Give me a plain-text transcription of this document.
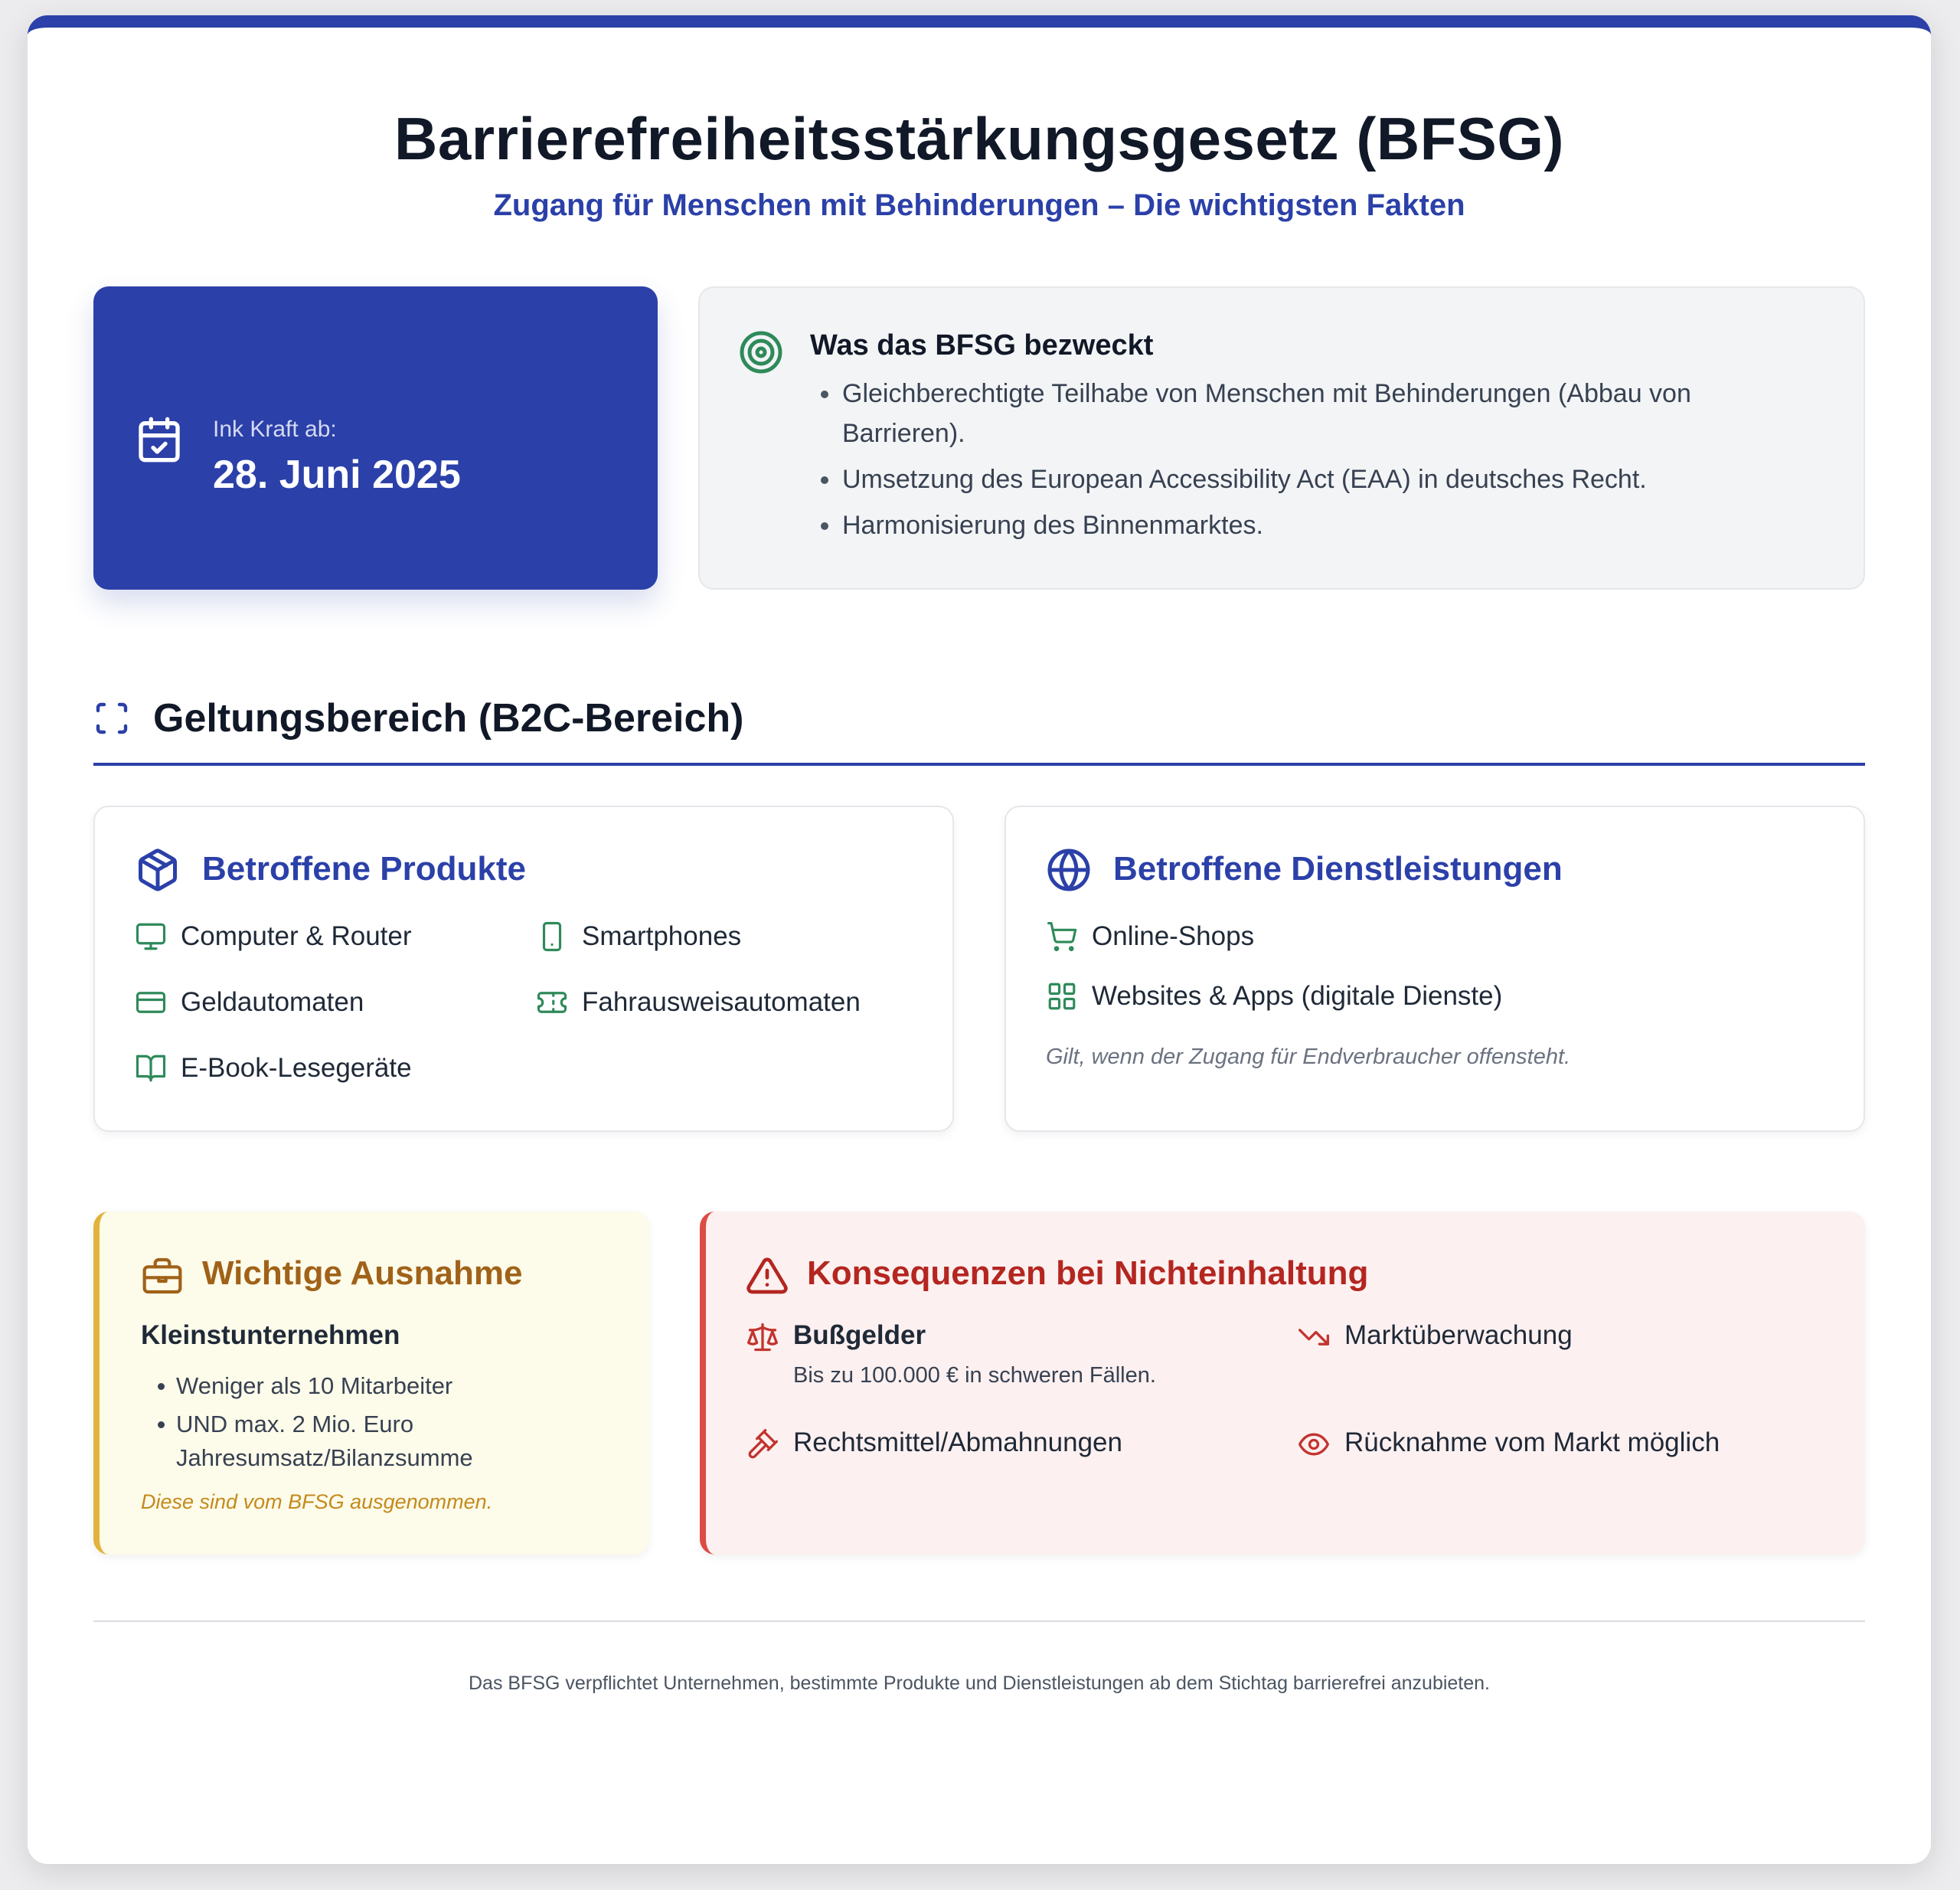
Barrierefreiheitsstärkungsgesetz (BFSG)
Zugang für Menschen mit Behinderungen – Die wichtigsten Fakten
Ink Kraft ab:
28. Juni 2025
Was das BFSG bezweckt
Gleichberechtigte Teilhabe von Menschen mit Behinderungen (Abbau von Barrieren).
Umsetzung des European Accessibility Act (EAA) in deutsches Recht.
Harmonisierung des Binnenmarktes.
Geltungsbereich (B2C-Bereich)
Betroffene Produkte
Computer & Router	Smartphones
Geldautomaten	Fahrausweisautomaten
E-Book-Lesegeräte
Betroffene Dienstleistungen
Online-Shops
Websites & Apps (digitale Dienste)
Gilt, wenn der Zugang für Endverbraucher offensteht.
Wichtige Ausnahme
Kleinstunternehmen
Weniger als 10 Mitarbeiter
UND max. 2 Mio. Euro Jahresumsatz/Bilanzsumme
Diese sind vom BFSG ausgenommen.
Konsequenzen bei Nichteinhaltung
Bußgelder
Bis zu 100.000 € in schweren Fällen.
Marktüberwachung
Rechtsmittel/Abmahnungen	Rücknahme vom Markt möglich

Das BFSG verpflichtet Unternehmen, bestimmte Produkte und Dienstleistungen ab dem Stichtag barrierefrei anzubieten.
